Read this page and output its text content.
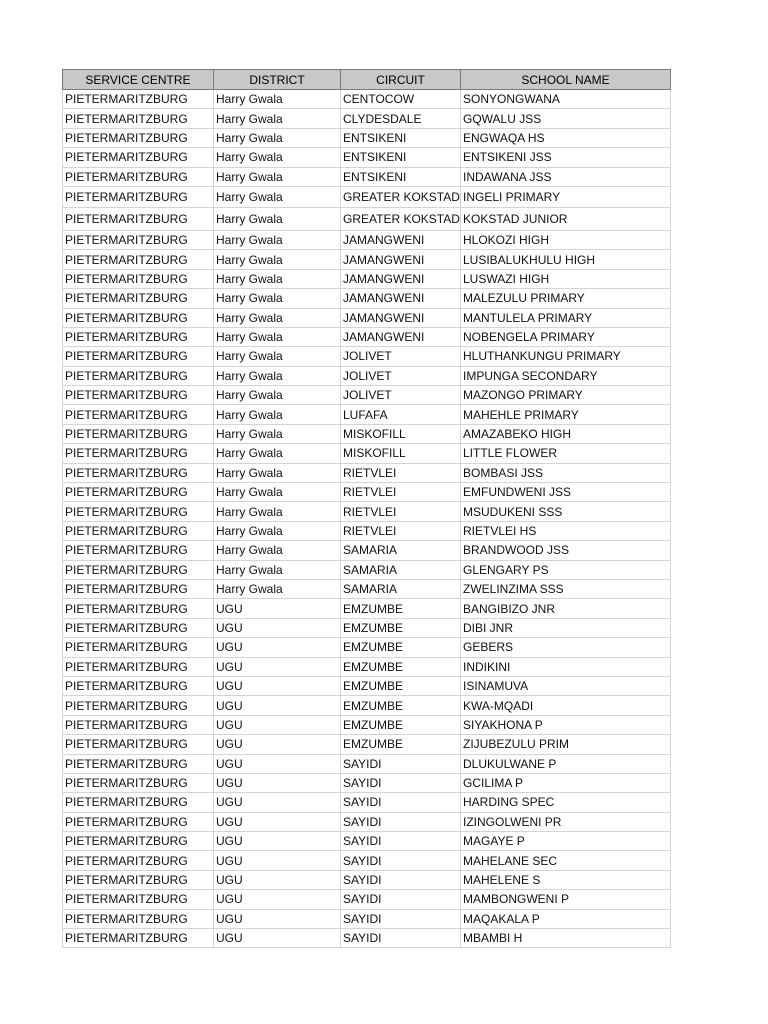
SERVICE CENTRE	DISTRICT	CIRCUIT	SCHOOL NAME
PIETERMARITZBURG	Harry Gwala	CENTOCOW	SONYONGWANA
PIETERMARITZBURG	Harry Gwala	CLYDESDALE	GQWALU JSS
PIETERMARITZBURG	Harry Gwala	ENTSIKENI	ENGWAQA HS
PIETERMARITZBURG	Harry Gwala	ENTSIKENI	ENTSIKENI JSS
PIETERMARITZBURG	Harry Gwala	ENTSIKENI	INDAWANA JSS
PIETERMARITZBURG	Harry Gwala	GREATER KOKSTAD	INGELI PRIMARY
PIETERMARITZBURG	Harry Gwala	GREATER KOKSTAD	KOKSTAD JUNIOR
PIETERMARITZBURG	Harry Gwala	JAMANGWENI	HLOKOZI HIGH
PIETERMARITZBURG	Harry Gwala	JAMANGWENI	LUSIBALUKHULU HIGH
PIETERMARITZBURG	Harry Gwala	JAMANGWENI	LUSWAZI HIGH
PIETERMARITZBURG	Harry Gwala	JAMANGWENI	MALEZULU PRIMARY
PIETERMARITZBURG	Harry Gwala	JAMANGWENI	MANTULELA PRIMARY
PIETERMARITZBURG	Harry Gwala	JAMANGWENI	NOBENGELA PRIMARY
PIETERMARITZBURG	Harry Gwala	JOLIVET	HLUTHANKUNGU PRIMARY
PIETERMARITZBURG	Harry Gwala	JOLIVET	IMPUNGA SECONDARY
PIETERMARITZBURG	Harry Gwala	JOLIVET	MAZONGO PRIMARY
PIETERMARITZBURG	Harry Gwala	LUFAFA	MAHEHLE PRIMARY
PIETERMARITZBURG	Harry Gwala	MISKOFILL	AMAZABEKO HIGH
PIETERMARITZBURG	Harry Gwala	MISKOFILL	LITTLE FLOWER
PIETERMARITZBURG	Harry Gwala	RIETVLEI	BOMBASI JSS
PIETERMARITZBURG	Harry Gwala	RIETVLEI	EMFUNDWENI JSS
PIETERMARITZBURG	Harry Gwala	RIETVLEI	MSUDUKENI SSS
PIETERMARITZBURG	Harry Gwala	RIETVLEI	RIETVLEI HS
PIETERMARITZBURG	Harry Gwala	SAMARIA	BRANDWOOD JSS
PIETERMARITZBURG	Harry Gwala	SAMARIA	GLENGARY PS
PIETERMARITZBURG	Harry Gwala	SAMARIA	ZWELINZIMA SSS
PIETERMARITZBURG	UGU	EMZUMBE	BANGIBIZO JNR
PIETERMARITZBURG	UGU	EMZUMBE	DIBI JNR
PIETERMARITZBURG	UGU	EMZUMBE	GEBERS
PIETERMARITZBURG	UGU	EMZUMBE	INDIKINI
PIETERMARITZBURG	UGU	EMZUMBE	ISINAMUVA
PIETERMARITZBURG	UGU	EMZUMBE	KWA-MQADI
PIETERMARITZBURG	UGU	EMZUMBE	SIYAKHONA P
PIETERMARITZBURG	UGU	EMZUMBE	ZIJUBEZULU PRIM
PIETERMARITZBURG	UGU	SAYIDI	DLUKULWANE P
PIETERMARITZBURG	UGU	SAYIDI	GCILIMA P
PIETERMARITZBURG	UGU	SAYIDI	HARDING SPEC
PIETERMARITZBURG	UGU	SAYIDI	IZINGOLWENI PR
PIETERMARITZBURG	UGU	SAYIDI	MAGAYE P
PIETERMARITZBURG	UGU	SAYIDI	MAHELANE SEC
PIETERMARITZBURG	UGU	SAYIDI	MAHELENE S
PIETERMARITZBURG	UGU	SAYIDI	MAMBONGWENI P
PIETERMARITZBURG	UGU	SAYIDI	MAQAKALA P
PIETERMARITZBURG	UGU	SAYIDI	MBAMBI H
